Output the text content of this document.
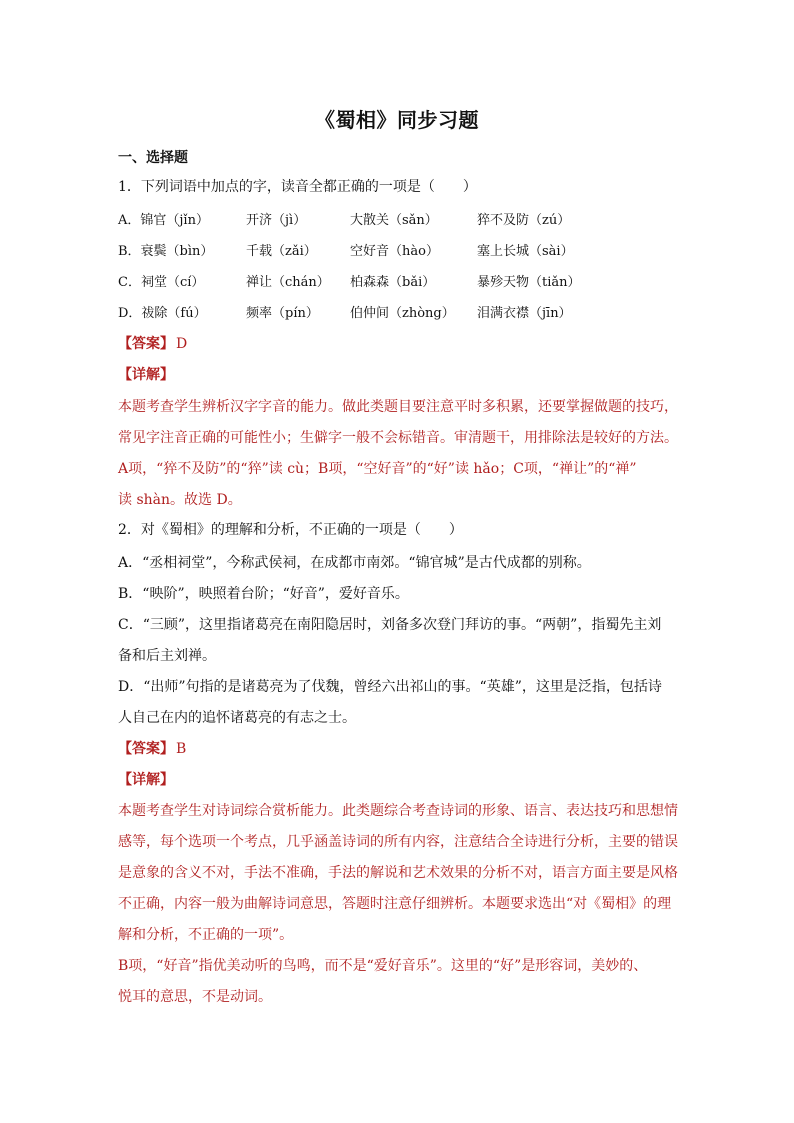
《蜀相》同步习题
一、选择题
1．下列词语中加点的字，读音全都正确的一项是（　　）
A．锦官（jǐn）	开济（jì）	大散关（sǎn）	猝不及防（zú）
B．衰鬓（bìn）	千载（zǎi）	空好音（hào）	塞上长城（sài）
C．祠堂（cí）	禅让（chán） 柏森森（bǎi）	暴殄天物（tiǎn）
D．祓除（fú）	频率（pín） 伯仲间（zhòng） 泪满衣襟（jīn）
【答案】 D
【详解】
本题考查学生辨析汉字字音的能力。做此类题目要注意平时多积累，还要掌握做题的技巧，
常见字注音正确的可能性小；生僻字一般不会标错音。审清题干，用排除法是较好的方法。
A项，“猝不及防”的“猝”读 cù；B项，“空好音”的“好”读 hǎo；C项，“禅让”的“禅”
读 shàn。故选 D。
2．对《蜀相》的理解和分析，不正确的一项是（　　）
A．“丞相祠堂”，今称武侯祠，在成都市南郊。“锦官城”是古代成都的别称。
B．“映阶”，映照着台阶；“好音”，爱好音乐。
C．“三顾”，这里指诸葛亮在南阳隐居时，刘备多次登门拜访的事。“两朝”，指蜀先主刘
备和后主刘禅。
D．“出师”句指的是诸葛亮为了伐魏，曾经六出祁山的事。“英雄”，这里是泛指，包括诗
人自己在内的追怀诸葛亮的有志之士。
【答案】 B
【详解】
本题考查学生对诗词综合赏析能力。此类题综合考查诗词的形象、语言、表达技巧和思想情
感等，每个选项一个考点，几乎涵盖诗词的所有内容，注意结合全诗进行分析，主要的错误
是意象的含义不对，手法不准确，手法的解说和艺术效果的分析不对，语言方面主要是风格
不正确，内容一般为曲解诗词意思，答题时注意仔细辨析。本题要求选出“对《蜀相》的理
解和分析，不正确的一项”。
B项，“好音”指优美动听的鸟鸣，而不是“爱好音乐”。这里的“好”是形容词，美妙的、
悦耳的意思，不是动词。
